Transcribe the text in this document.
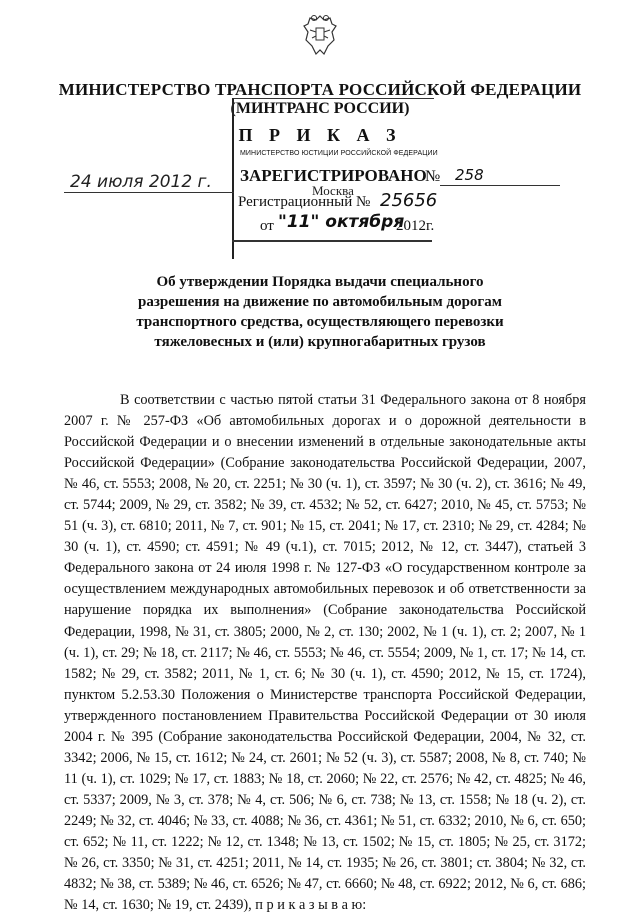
МИНИСТЕРСТВО ТРАНСПОРТА РОССИЙСКОЙ ФЕДЕРАЦИИ
(МИНТРАНС РОССИИ)
П Р И К А З
МИНИСТЕРСТВО ЮСТИЦИИ РОССИЙСКОЙ ФЕДЕРАЦИИ
24 июля 2012 г. ЗАРЕГИСТРИРОВАНО
Москва
№ 258
Регистрационный № 25656
от "11" октября
2012г.
Об утверждении Порядка выдачи специального разрешения на движение по автомобильным дорогам транспортного средства, осуществляющего перевозки тяжеловесных и (или) крупногабаритных грузов
В соответствии с частью пятой статьи 31 Федерального закона от 8 ноября 2007 г. № 257-ФЗ «Об автомобильных дорогах и о дорожной деятельности в Российской Федерации и о внесении изменений в отдельные законодательные акты Российской Федерации» (Собрание законодательства Российской Федерации, 2007, № 46, ст. 5553; 2008, № 20, ст. 2251; № 30 (ч. 1), ст. 3597; № 30 (ч. 2), ст. 3616; № 49, ст. 5744; 2009, № 29, ст. 3582; № 39, ст. 4532; № 52, ст. 6427; 2010, № 45, ст. 5753; № 51 (ч. 3), ст. 6810; 2011, № 7, ст. 901; № 15, ст. 2041; № 17, ст. 2310; № 29, ст. 4284; № 30 (ч. 1), ст. 4590; ст. 4591; № 49 (ч.1), ст. 7015; 2012, № 12, ст. 3447), статьей 3 Федерального закона от 24 июля 1998 г. № 127-ФЗ «О государственном контроле за осуществлением международных автомобильных перевозок и об ответственности за нарушение порядка их выполнения» (Собрание законодательства Российской Федерации, 1998, № 31, ст. 3805; 2000, № 2, ст. 130; 2002, № 1 (ч. 1), ст. 2; 2007, № 1 (ч. 1), ст. 29; № 18, ст. 2117; № 46, ст. 5553; № 46, ст. 5554; 2009, № 1, ст. 17; № 14, ст. 1582; № 29, ст. 3582; 2011, № 1, ст. 6; № 30 (ч. 1), ст. 4590; 2012, № 15, ст. 1724), пунктом 5.2.53.30 Положения о Министерстве транспорта Российской Федерации, утвержденного постановлением Правительства Российской Федерации от 30 июля 2004 г. № 395 (Собрание законодательства Российской Федерации, 2004, № 32, ст. 3342; 2006, № 15, ст. 1612; № 24, ст. 2601; № 52 (ч. 3), ст. 5587; 2008, № 8, ст. 740; № 11 (ч. 1), ст. 1029; № 17, ст. 1883; № 18, ст. 2060; № 22, ст. 2576; № 42, ст. 4825; № 46, ст. 5337; 2009, № 3, ст. 378; № 4, ст. 506; № 6, ст. 738; № 13, ст. 1558; № 18 (ч. 2), ст. 2249; № 32, ст. 4046; № 33, ст. 4088; № 36, ст. 4361; № 51, ст. 6332; 2010, № 6, ст. 650; ст. 652; № 11, ст. 1222; № 12, ст. 1348; № 13, ст. 1502; № 15, ст. 1805; № 25, ст. 3172; № 26, ст. 3350; № 31, ст. 4251; 2011, № 14, ст. 1935; № 26, ст. 3801; ст. 3804; № 32, ст. 4832; № 38, ст. 5389; № 46, ст. 6526; № 47, ст. 6660; № 48, ст. 6922; 2012, № 6, ст. 686; № 14, ст. 1630; № 19, ст. 2439), п р и к а з ы в а ю:
